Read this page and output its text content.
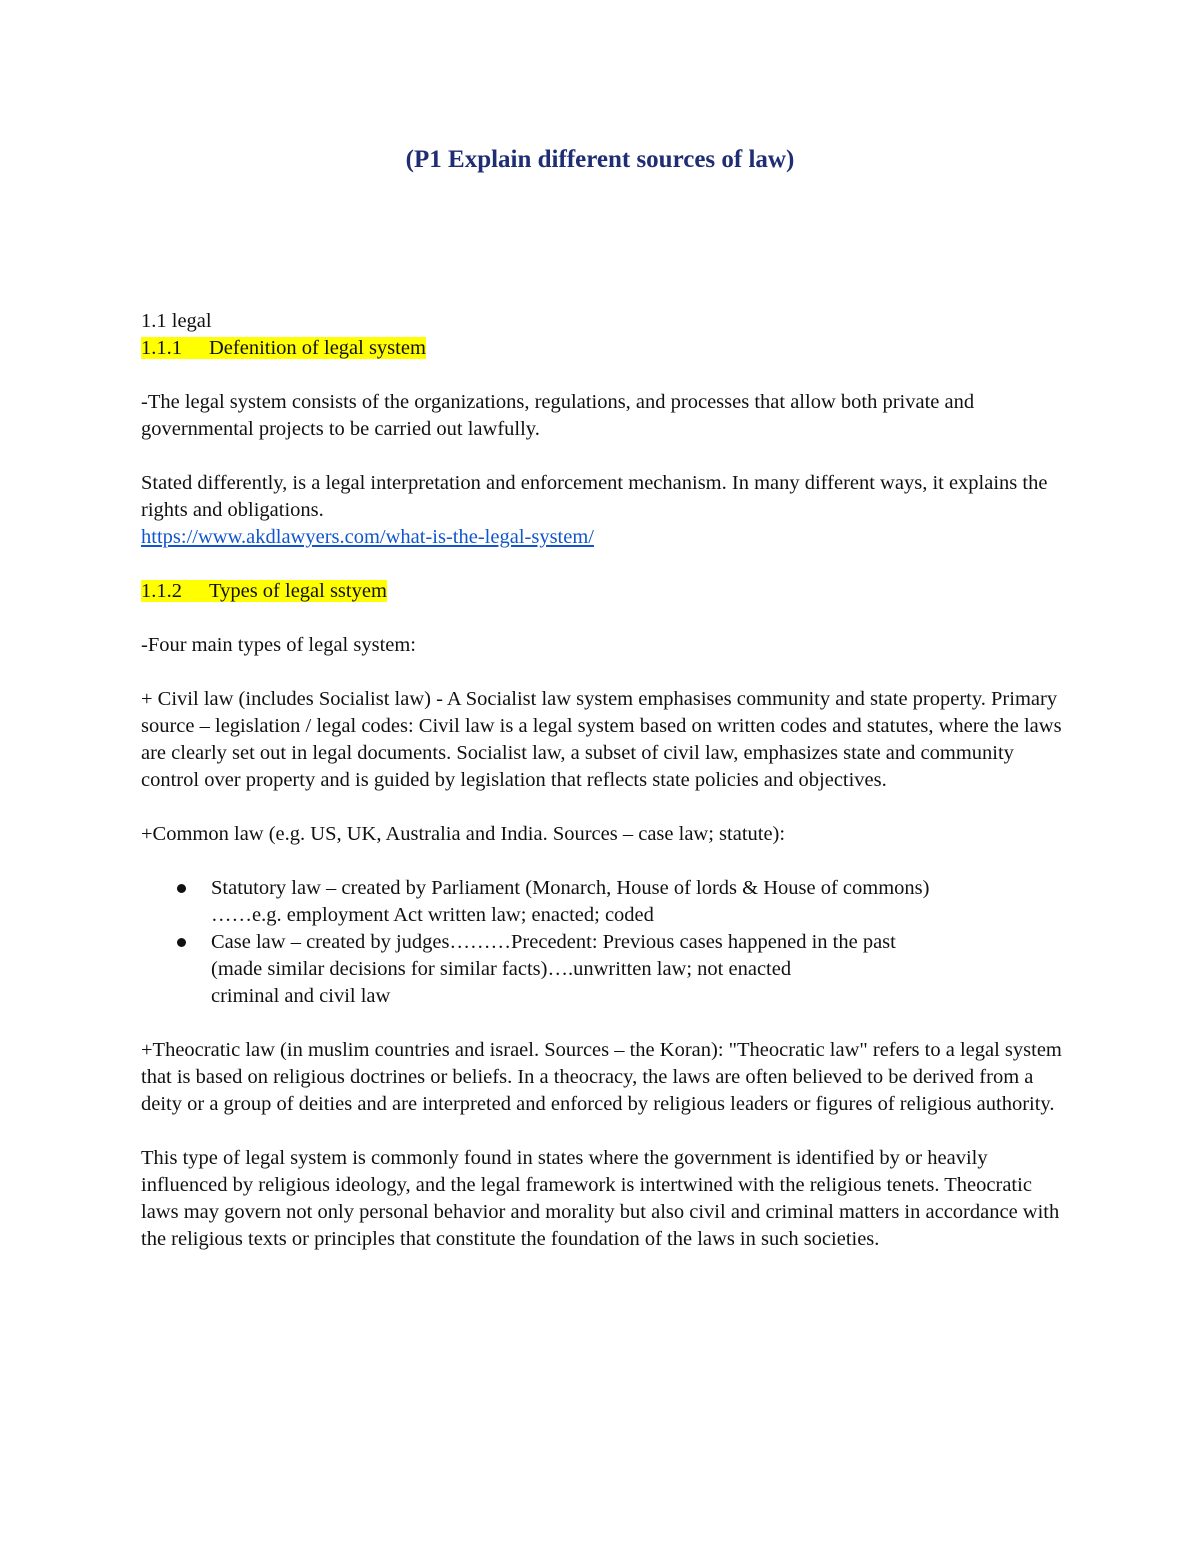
(P1 Explain different sources of law)

1.1 legal

1.1.1 Defenition of legal system

-The legal system consists of the organizations, regulations, and processes that allow both private and governmental projects to be carried out lawfully.

Stated differently, is a legal interpretation and enforcement mechanism. In many different ways, it explains the rights and obligations.

https://www.akdlawyers.com/what-is-the-legal-system/

1.1.2 Types of legal sstyem

-Four main types of legal system:

+ Civil law (includes Socialist law) - A Socialist law system emphasises community and state property. Primary source – legislation / legal codes: Civil law is a legal system based on written codes and statutes, where the laws are clearly set out in legal documents. Socialist law, a subset of civil law, emphasizes state and community control over property and is guided by legislation that reflects state policies and objectives.

+Common law (e.g. US, UK, Australia and India. Sources – case law; statute):

Statutory law – created by Parliament (Monarch, House of lords & House of commons)
……e.g. employment Act written law; enacted; coded
Case law – created by judges………Precedent: Previous cases happened in the past
(made similar decisions for similar facts)….unwritten law; not enacted
criminal and civil law

+Theocratic law (in muslim countries and israel. Sources – the Koran): "Theocratic law" refers to a legal system that is based on religious doctrines or beliefs. In a theocracy, the laws are often believed to be derived from a deity or a group of deities and are interpreted and enforced by religious leaders or figures of religious authority.

This type of legal system is commonly found in states where the government is identified by or heavily influenced by religious ideology, and the legal framework is intertwined with the religious tenets. Theocratic laws may govern not only personal behavior and morality but also civil and criminal matters in accordance with the religious texts or principles that constitute the foundation of the laws in such societies.
